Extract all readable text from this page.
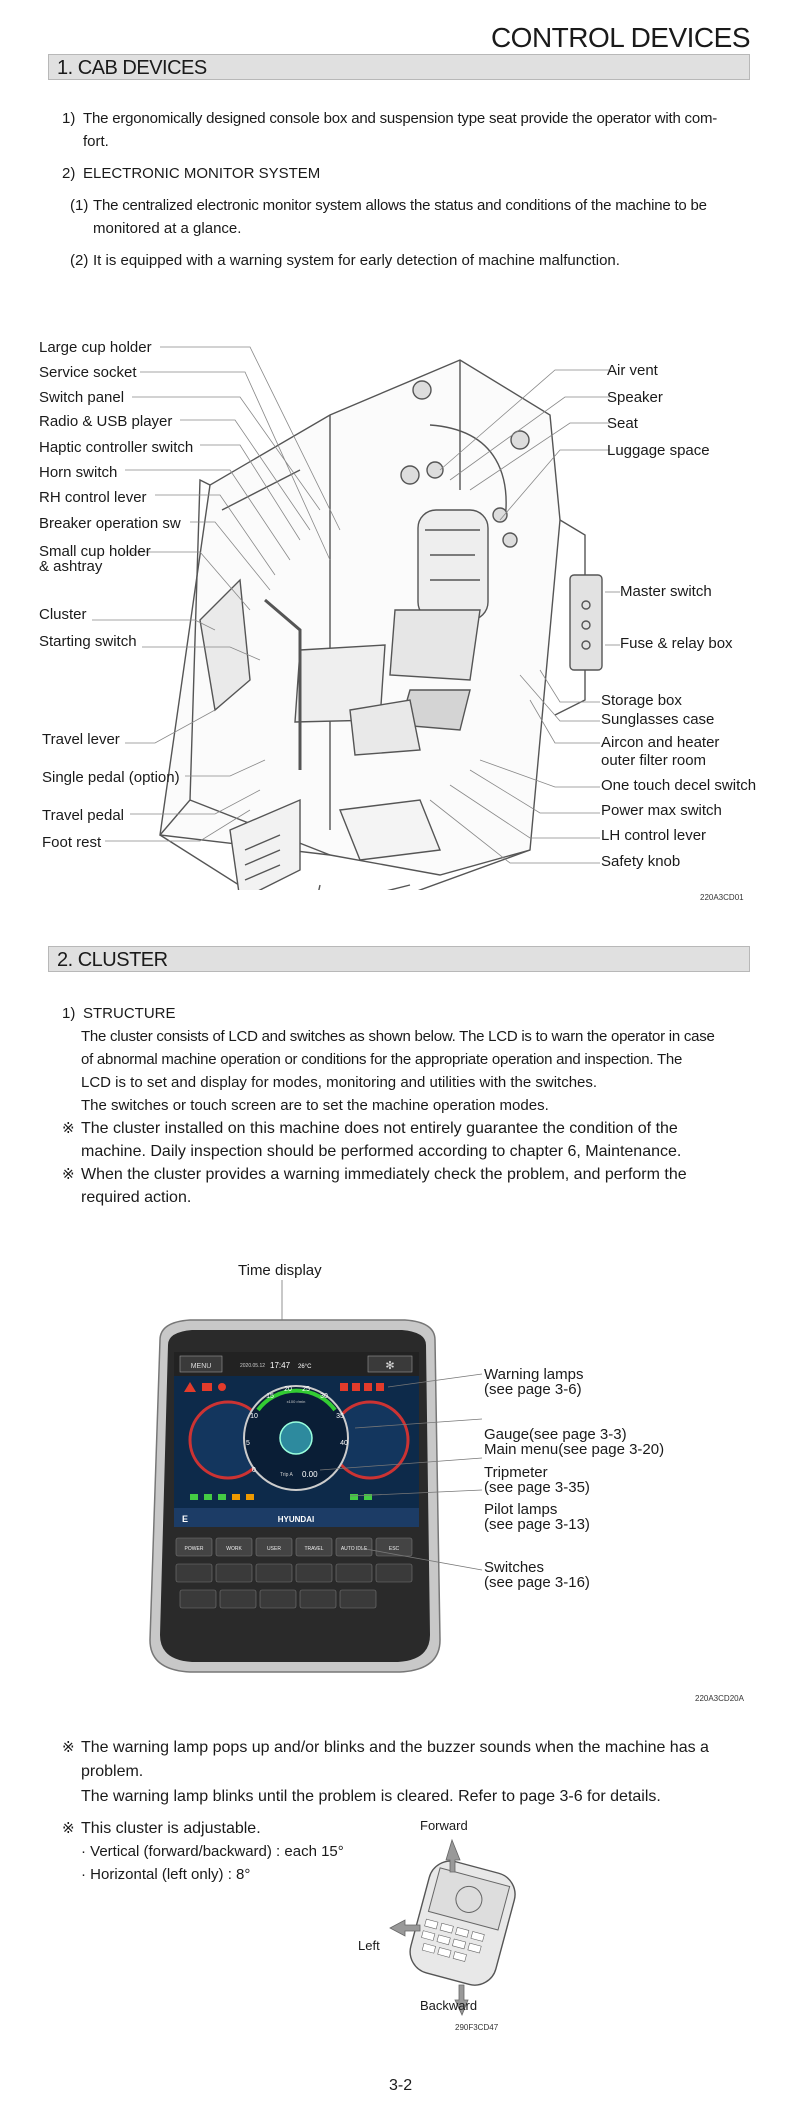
CONTROL DEVICES
1. CAB DEVICES
1) The ergonomically designed console box and suspension type seat provide the operator with com-
fort.
2) ELECTRONIC MONITOR SYSTEM
(1) The centralized electronic monitor system allows the status and conditions of the machine to be
monitored at a glance.
(2) It is equipped with a warning system for early detection of machine malfunction.
Large cup holder
Service socket
Switch panel
Radio & USB player
Haptic controller switch
Horn switch
RH control lever
Breaker operation sw
Small cup holder
& ashtray
Cluster
Starting switch
Travel lever
Single pedal (option)
Travel pedal
Foot rest
Air vent
Speaker
Seat
Luggage space
Master switch
Fuse & relay box
Storage box
Sunglasses case
Aircon and heater
outer filter room
One touch decel switch
Power max switch
LH control lever
Safety knob
220A3CD01
2. CLUSTER
1) STRUCTURE
The cluster consists of LCD and switches as shown below. The LCD is to warn the operator in case
of abnormal machine operation or conditions for the appropriate operation and inspection. The
LCD is to set and display for modes, monitoring and utilities with the switches.
The switches or touch screen are to set the machine operation modes.
※ The cluster installed on this machine does not entirely guarantee the condition of the
machine. Daily inspection should be performed according to chapter 6, Maintenance.
※ When the cluster provides a warning immediately check the problem, and perform the
required action.
Time display
MENU	2020.05.12 17:47 26°C	✻
0
5
10
15
20 25
30
35
40
x100 r/min
Trip A 0.00
E	HYUNDAI
POWER	WORK	USER	TRAVEL	AUTO IDLE	ESC
Warning lamps
(see page 3-6)
Gauge(see page 3-3)
Main menu(see page 3-20)
Tripmeter
(see page 3-35)
Pilot lamps
(see page 3-13)
Switches
(see page 3-16)
220A3CD20A
※ The warning lamp pops up and/or blinks and the buzzer sounds when the machine has a
problem.
The warning lamp blinks until the problem is cleared. Refer to page 3-6 for details.
※ This cluster is adjustable.
· Vertical (forward/backward) : each 15°
· Horizontal (left only) : 8°
Forward
Left
Backward
290F3CD47
3-2
